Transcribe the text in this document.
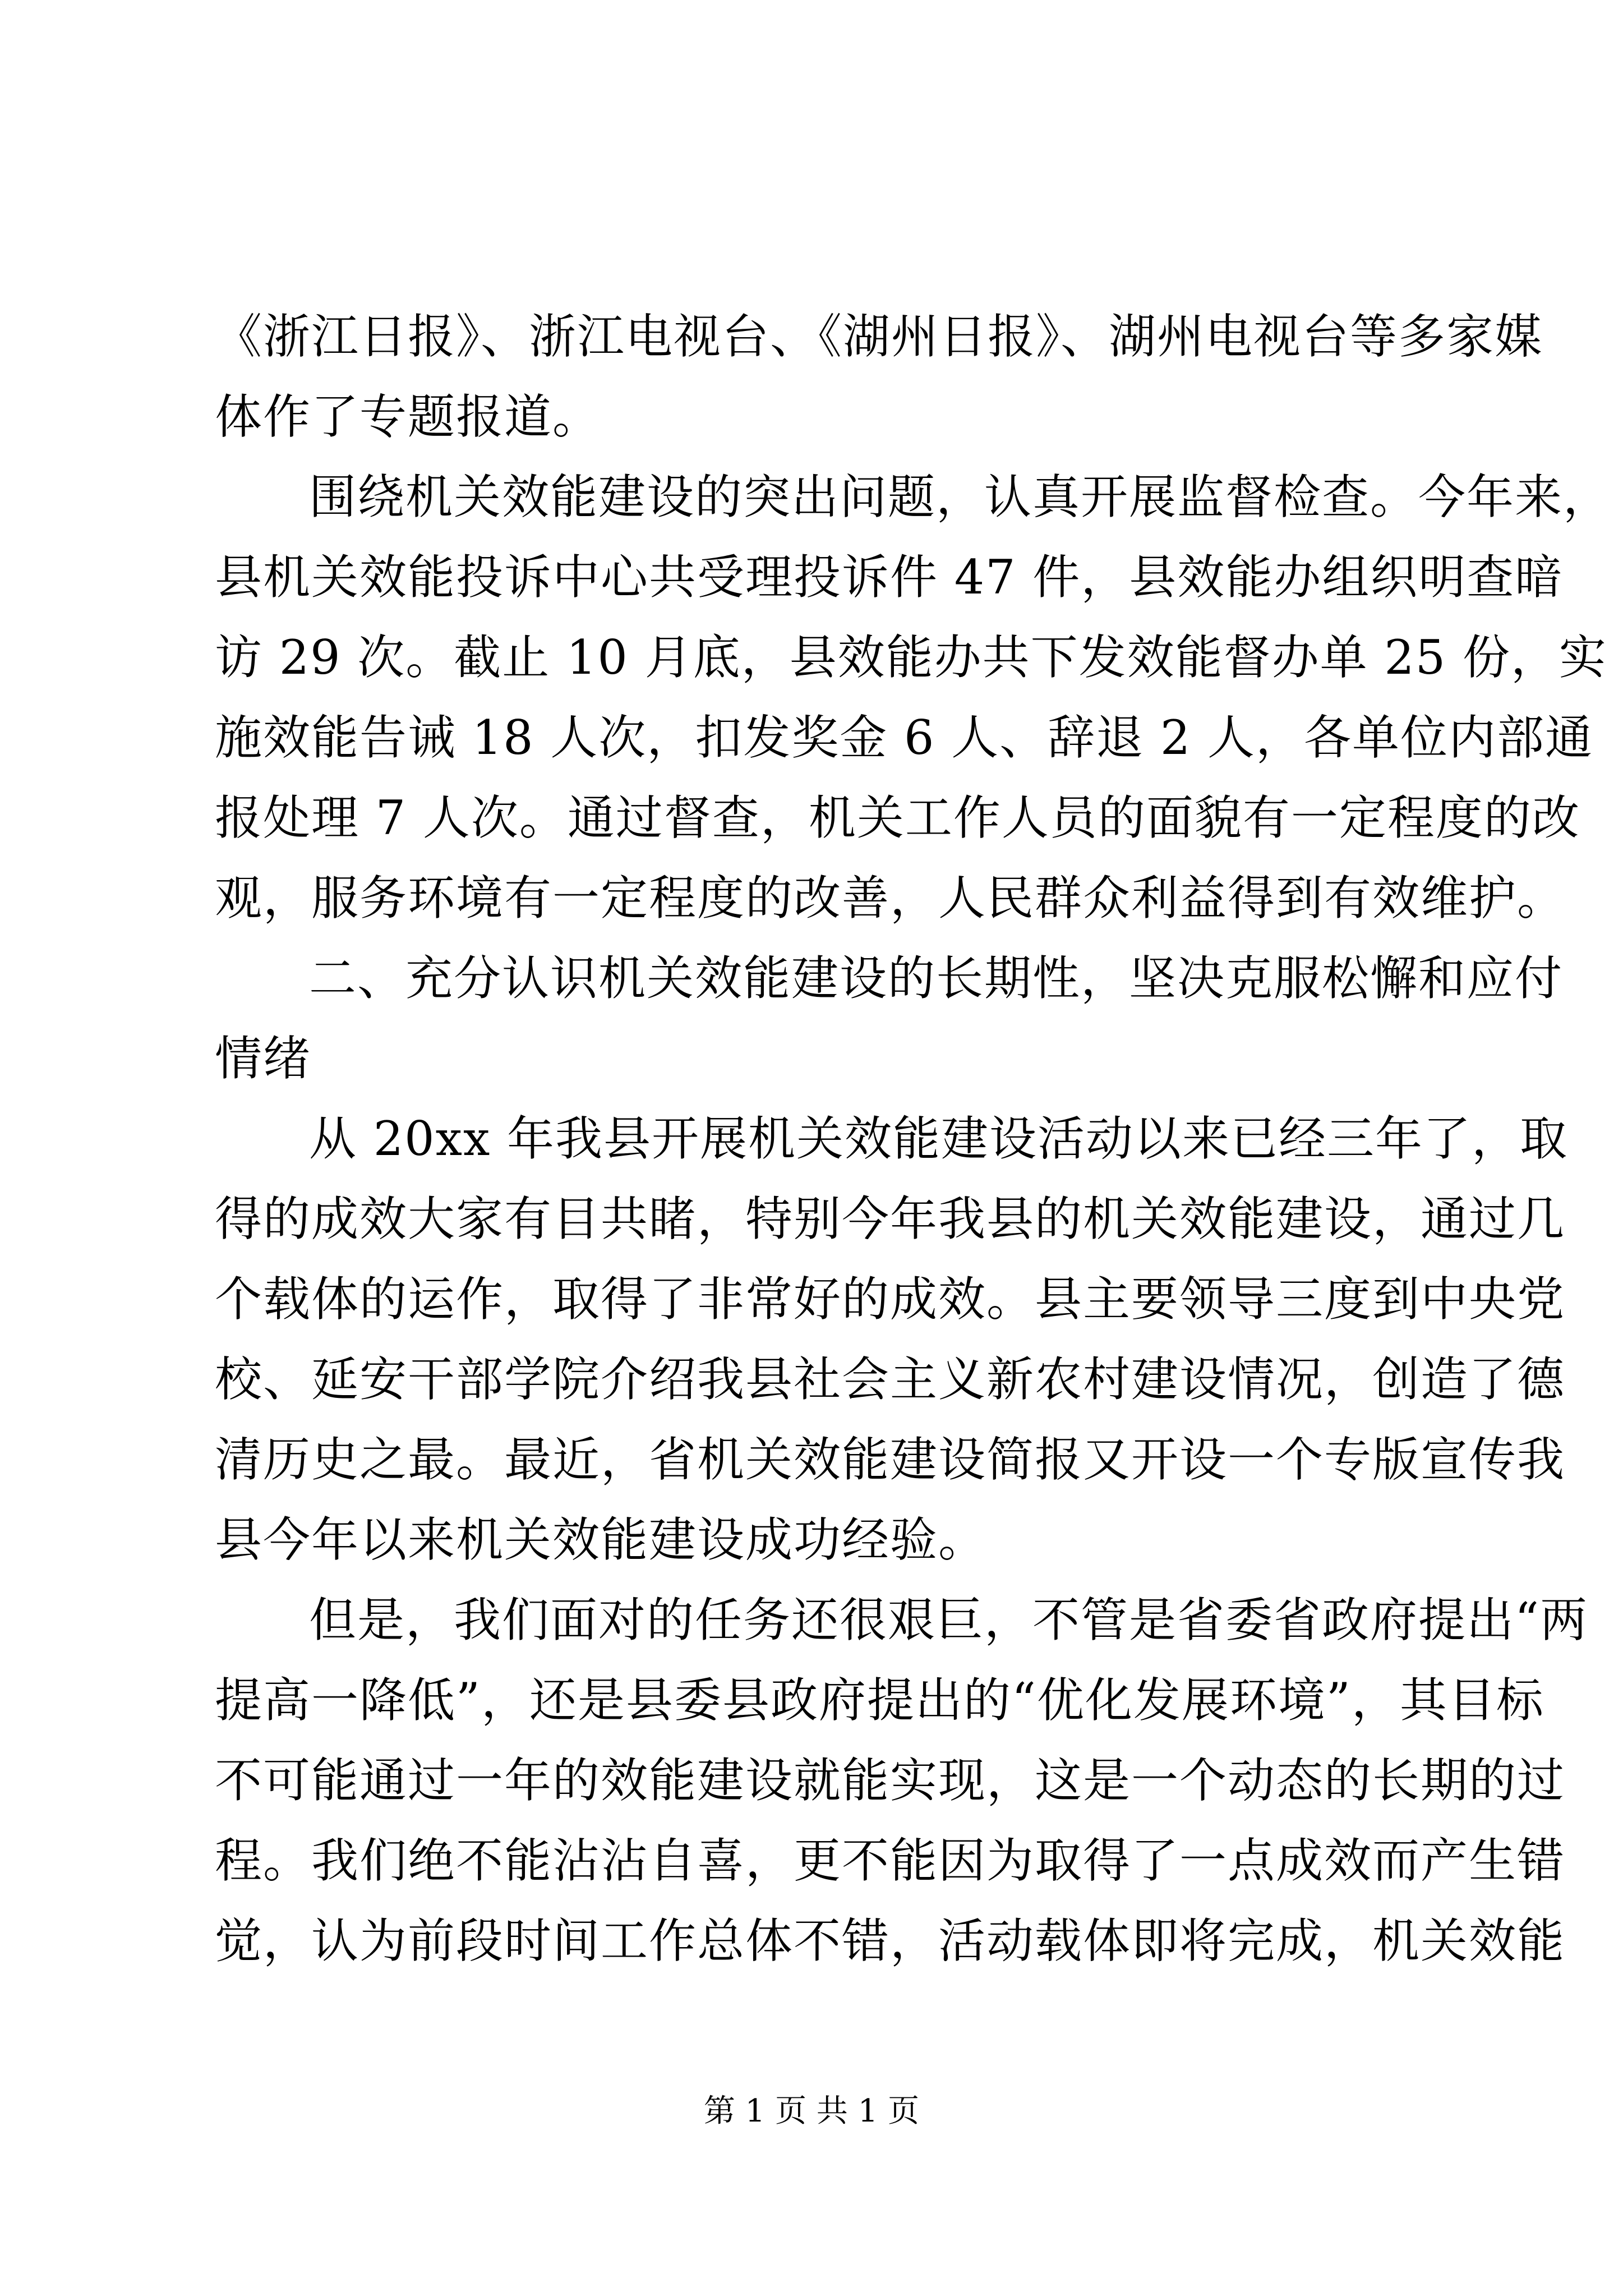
《浙江日报》、浙江电视台、《湖州日报》、湖州电视台等多家媒

体作了专题报道。

围绕机关效能建设的突出问题，认真开展监督检查。今年来，

县机关效能投诉中心共受理投诉件 47 件，县效能办组织明查暗

访 29 次。截止 10 月底，县效能办共下发效能督办单 25 份，实

施效能告诫 18 人次，扣发奖金 6 人、辞退 2 人，各单位内部通

报处理 7 人次。通过督查，机关工作人员的面貌有一定程度的改

观，服务环境有一定程度的改善，人民群众利益得到有效维护。

二、充分认识机关效能建设的长期性，坚决克服松懈和应付

情绪

从 20xx 年我县开展机关效能建设活动以来已经三年了，取

得的成效大家有目共睹，特别今年我县的机关效能建设，通过几

个载体的运作，取得了非常好的成效。县主要领导三度到中央党

校、延安干部学院介绍我县社会主义新农村建设情况，创造了德

清历史之最。最近，省机关效能建设简报又开设一个专版宣传我

县今年以来机关效能建设成功经验。

但是，我们面对的任务还很艰巨，不管是省委省政府提出“两

提高一降低”，还是县委县政府提出的“优化发展环境”，其目标

不可能通过一年的效能建设就能实现，这是一个动态的长期的过

程。我们绝不能沾沾自喜，更不能因为取得了一点成效而产生错

觉，认为前段时间工作总体不错，活动载体即将完成，机关效能

第 1 页 共 1 页
